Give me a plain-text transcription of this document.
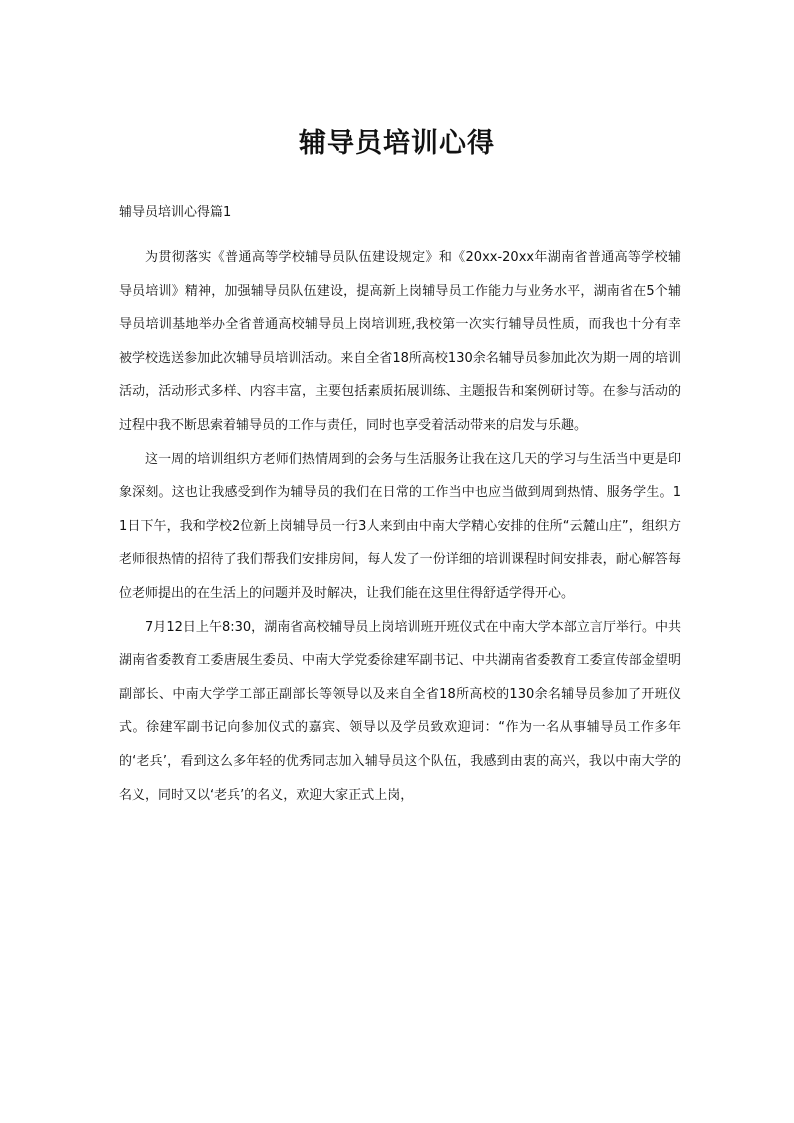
辅导员培训心得

辅导员培训心得篇1

为贯彻落实《普通高等学校辅导员队伍建设规定》和《20xx-20xx年湖南省普通高等学校辅导员培训》精神，加强辅导员队伍建设，提高新上岗辅导员工作能力与业务水平，湖南省在5个辅导员培训基地举办全省普通高校辅导员上岗培训班,我校第一次实行辅导员性质，而我也十分有幸被学校选送参加此次辅导员培训活动。来自全省18所高校130余名辅导员参加此次为期一周的培训活动，活动形式多样、内容丰富，主要包括素质拓展训练、主题报告和案例研讨等。在参与活动的过程中我不断思索着辅导员的工作与责任，同时也享受着活动带来的启发与乐趣。

这一周的培训组织方老师们热情周到的会务与生活服务让我在这几天的学习与生活当中更是印象深刻。这也让我感受到作为辅导员的我们在日常的工作当中也应当做到周到热情、服务学生。11日下午，我和学校2位新上岗辅导员一行3人来到由中南大学精心安排的住所“云麓山庄”，组织方老师很热情的招待了我们帮我们安排房间，每人发了一份详细的培训课程时间安排表，耐心解答每位老师提出的在生活上的问题并及时解决，让我们能在这里住得舒适学得开心。

7月12日上午8:30，湖南省高校辅导员上岗培训班开班仪式在中南大学本部立言厅举行。中共湖南省委教育工委唐展生委员、中南大学党委徐建军副书记、中共湖南省委教育工委宣传部金望明副部长、中南大学学工部正副部长等领导以及来自全省18所高校的130余名辅导员参加了开班仪式。徐建军副书记向参加仪式的嘉宾、领导以及学员致欢迎词：“作为一名从事辅导员工作多年的‘老兵’，看到这么多年轻的优秀同志加入辅导员这个队伍，我感到由衷的高兴，我以中南大学的名义，同时又以‘老兵’的名义，欢迎大家正式上岗，
